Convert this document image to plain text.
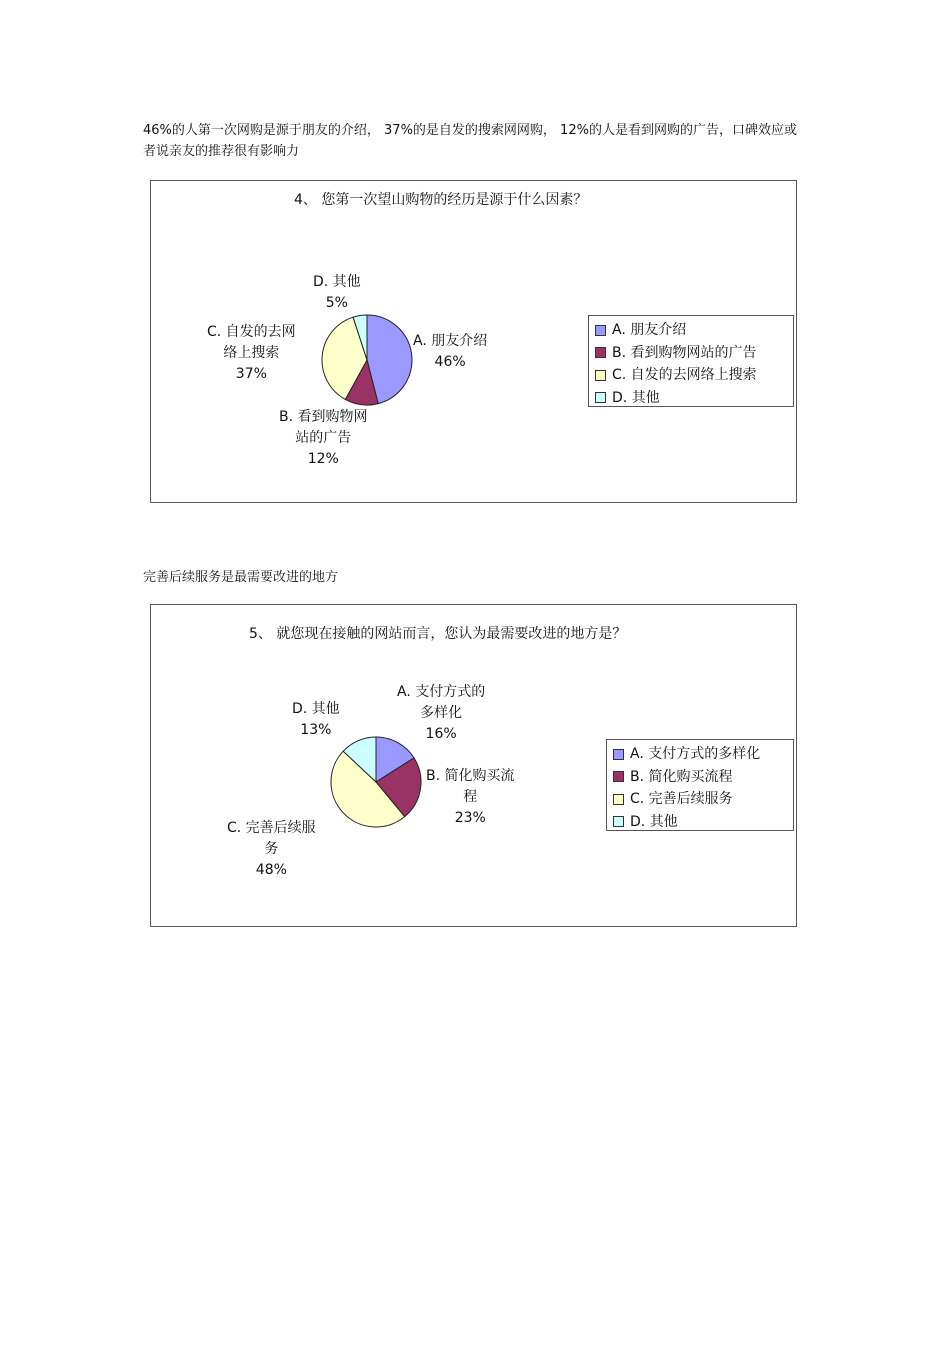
46%的人第一次网购是源于朋友的介绍， 37%的是自发的搜索网网购， 12%的人是看到网购的广告，口碑效应或者说亲友的推荐很有影响力
4、 您第一次望山购物的经历是源于什么因素？
A. 朋友介绍
46%
B. 看到购物网
站的广告
12%
C. 自发的去网
络上搜索
37%
D. 其他
5%
A. 朋友介绍
B. 看到购物网站的广告
C. 自发的去网络上搜索
D. 其他
完善后续服务是最需要改进的地方
5、 就您现在接触的网站而言，您认为最需要改进的地方是？
A. 支付方式的
多样化
16%
B. 简化购买流
程
23%
C. 完善后续服
务
48%
D. 其他
13%
A. 支付方式的多样化
B. 简化购买流程
C. 完善后续服务
D. 其他
